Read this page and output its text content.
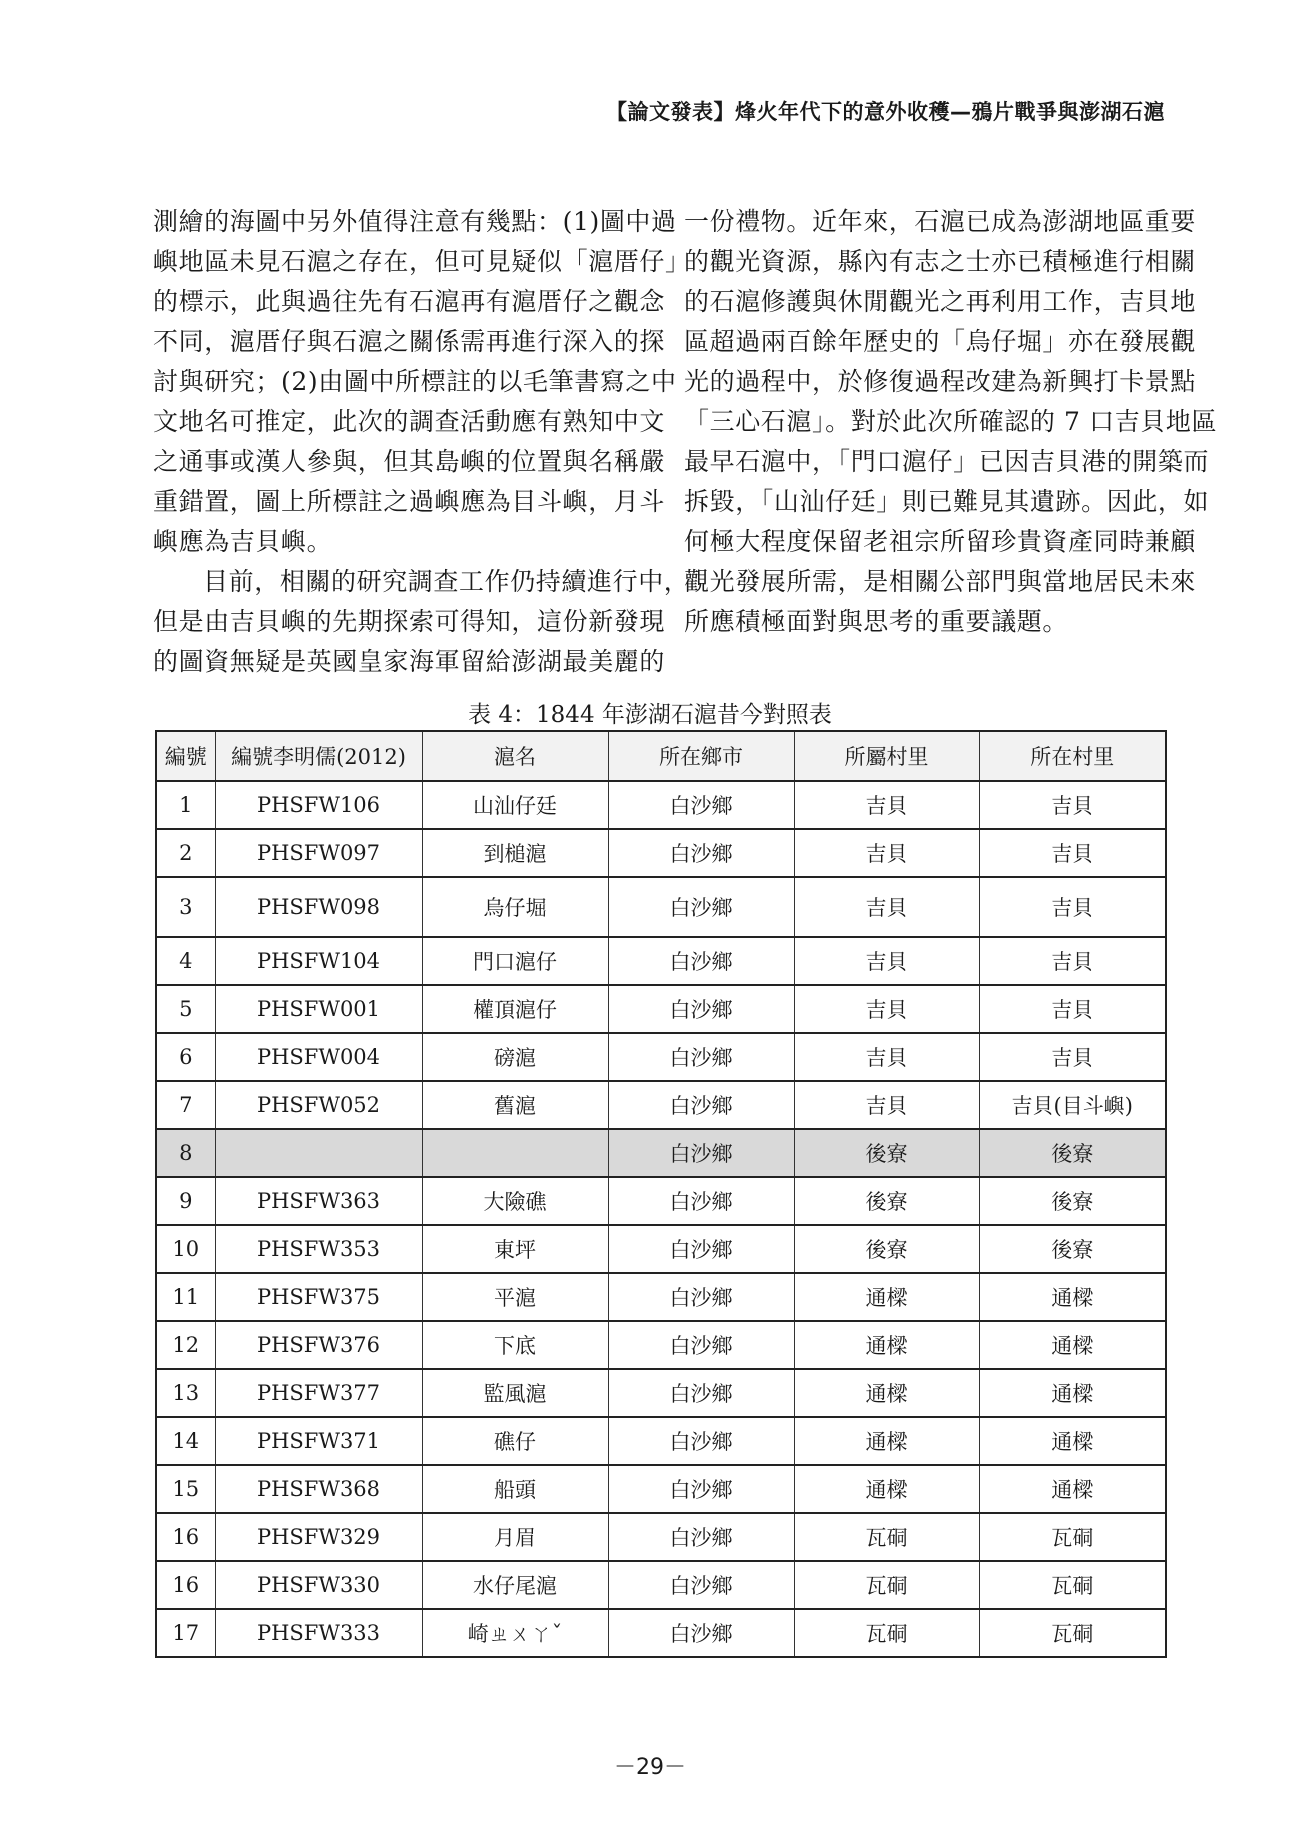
【論文發表】烽火年代下的意外收穫—鴉片戰爭與澎湖石滬
測繪的海圖中另外值得注意有幾點：(1)圖中過
嶼地區未見石滬之存在，但可見疑似「滬厝仔」
的標示，此與過往先有石滬再有滬厝仔之觀念
不同，滬厝仔與石滬之關係需再進行深入的探
討與研究；(2)由圖中所標註的以毛筆書寫之中
文地名可推定，此次的調查活動應有熟知中文
之通事或漢人參與，但其島嶼的位置與名稱嚴
重錯置，圖上所標註之過嶼應為目斗嶼，月斗
嶼應為吉貝嶼。
目前，相關的研究調查工作仍持續進行中，
但是由吉貝嶼的先期探索可得知，這份新發現
的圖資無疑是英國皇家海軍留給澎湖最美麗的
一份禮物。近年來，石滬已成為澎湖地區重要
的觀光資源，縣內有志之士亦已積極進行相關
的石滬修護與休閒觀光之再利用工作，吉貝地
區超過兩百餘年歷史的「烏仔堀」亦在發展觀
光的過程中，於修復過程改建為新興打卡景點
「三心石滬」。對於此次所確認的 7 口吉貝地區
最早石滬中，「門口滬仔」已因吉貝港的開築而
拆毀，「山汕仔廷」則已難見其遺跡。因此，如
何極大程度保留老祖宗所留珍貴資產同時兼顧
觀光發展所需，是相關公部門與當地居民未來
所應積極面對與思考的重要議題。
表 4：1844 年澎湖石滬昔今對照表
編號	編號李明儒(2012)	滬名	所在鄉市	所屬村里	所在村里
1	PHSFW106	山汕仔廷	白沙鄉	吉貝	吉貝
2	PHSFW097	到槌滬	白沙鄉	吉貝	吉貝
3	PHSFW098	烏仔堀	白沙鄉	吉貝	吉貝
4	PHSFW104	門口滬仔	白沙鄉	吉貝	吉貝
5	PHSFW001	權頂滬仔	白沙鄉	吉貝	吉貝
6	PHSFW004	磅滬	白沙鄉	吉貝	吉貝
7	PHSFW052	舊滬	白沙鄉	吉貝	吉貝(目斗嶼)
8			白沙鄉	後寮	後寮
9	PHSFW363	大險礁	白沙鄉	後寮	後寮
10	PHSFW353	東坪	白沙鄉	後寮	後寮
11	PHSFW375	平滬	白沙鄉	通樑	通樑
12	PHSFW376	下底	白沙鄉	通樑	通樑
13	PHSFW377	監風滬	白沙鄉	通樑	通樑
14	PHSFW371	礁仔	白沙鄉	通樑	通樑
15	PHSFW368	船頭	白沙鄉	通樑	通樑
16	PHSFW329	月眉	白沙鄉	瓦硐	瓦硐
16	PHSFW330	水仔尾滬	白沙鄉	瓦硐	瓦硐
17	PHSFW333	崎ㄓㄨㄚˇ	白沙鄉	瓦硐	瓦硐
－29－
